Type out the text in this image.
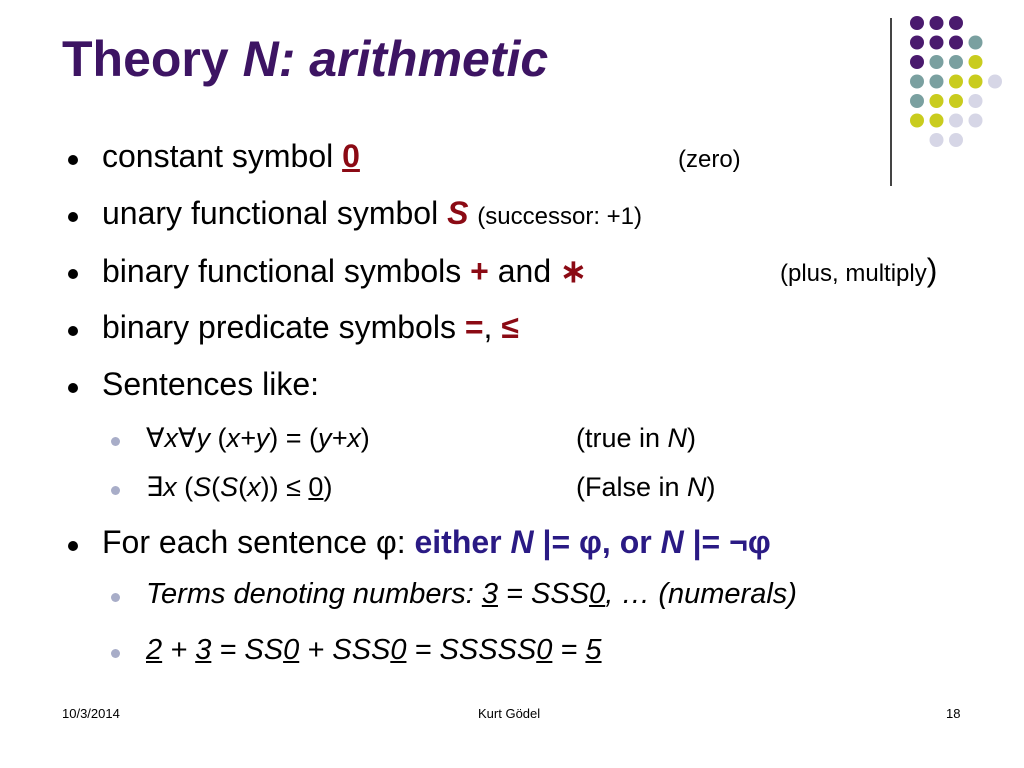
Theory N: arithmetic
constant symbol 0	(zero)
unary functional symbol S (successor: +1)
binary functional symbols + and ∗	(plus, multiply)
binary predicate symbols =, ≤
Sentences like:
∀x∀y (x+y) = (y+x)	(true in N)
∃x (S(S(x)) ≤ 0)	(False in N)
For each sentence φ: either N |= φ, or N |= ¬φ
Terms denoting numbers: 3 = SSS0, … (numerals)
2 + 3 = SS0 + SSS0 = SSSSS0 = 5
10/3/2014	Kurt Gödel	18
